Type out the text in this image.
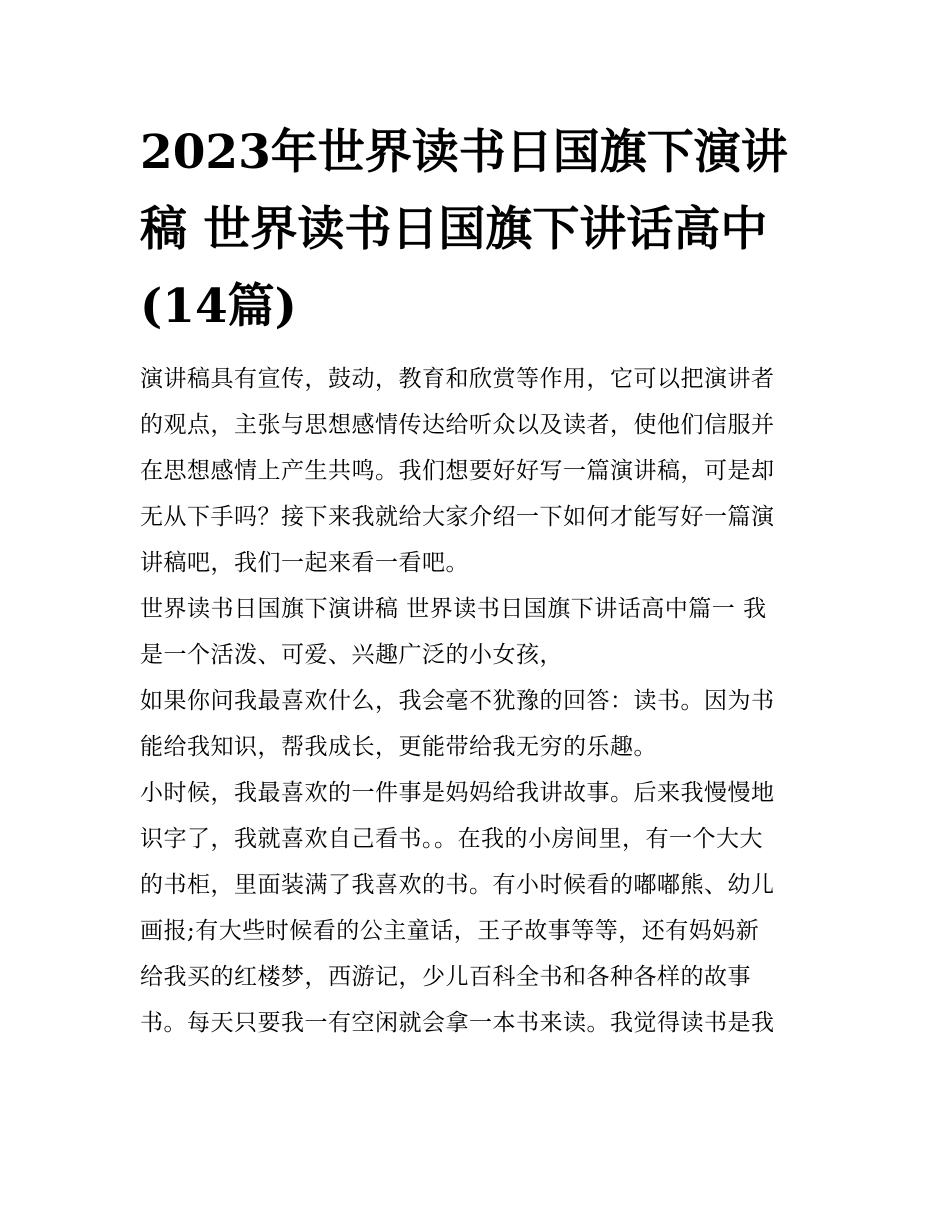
2023年世界读书日国旗下演讲
稿 世界读书日国旗下讲话高中
(14篇)

演讲稿具有宣传，鼓动，教育和欣赏等作用，它可以把演讲者
的观点，主张与思想感情传达给听众以及读者，使他们信服并
在思想感情上产生共鸣。我们想要好好写一篇演讲稿，可是却
无从下手吗？接下来我就给大家介绍一下如何才能写好一篇演
讲稿吧，我们一起来看一看吧。

世界读书日国旗下演讲稿 世界读书日国旗下讲话高中篇一 我
是一个活泼、可爱、兴趣广泛的小女孩，

如果你问我最喜欢什么，我会毫不犹豫的回答：读书。因为书
能给我知识，帮我成长，更能带给我无穷的乐趣。

小时候，我最喜欢的一件事是妈妈给我讲故事。后来我慢慢地
识字了，我就喜欢自己看书。。在我的小房间里，有一个大大
的书柜，里面装满了我喜欢的书。有小时候看的嘟嘟熊、幼儿
画报;有大些时候看的公主童话，王子故事等等，还有妈妈新
给我买的红楼梦，西游记，少儿百科全书和各种各样的故事
书。每天只要我一有空闲就会拿一本书来读。我觉得读书是我
